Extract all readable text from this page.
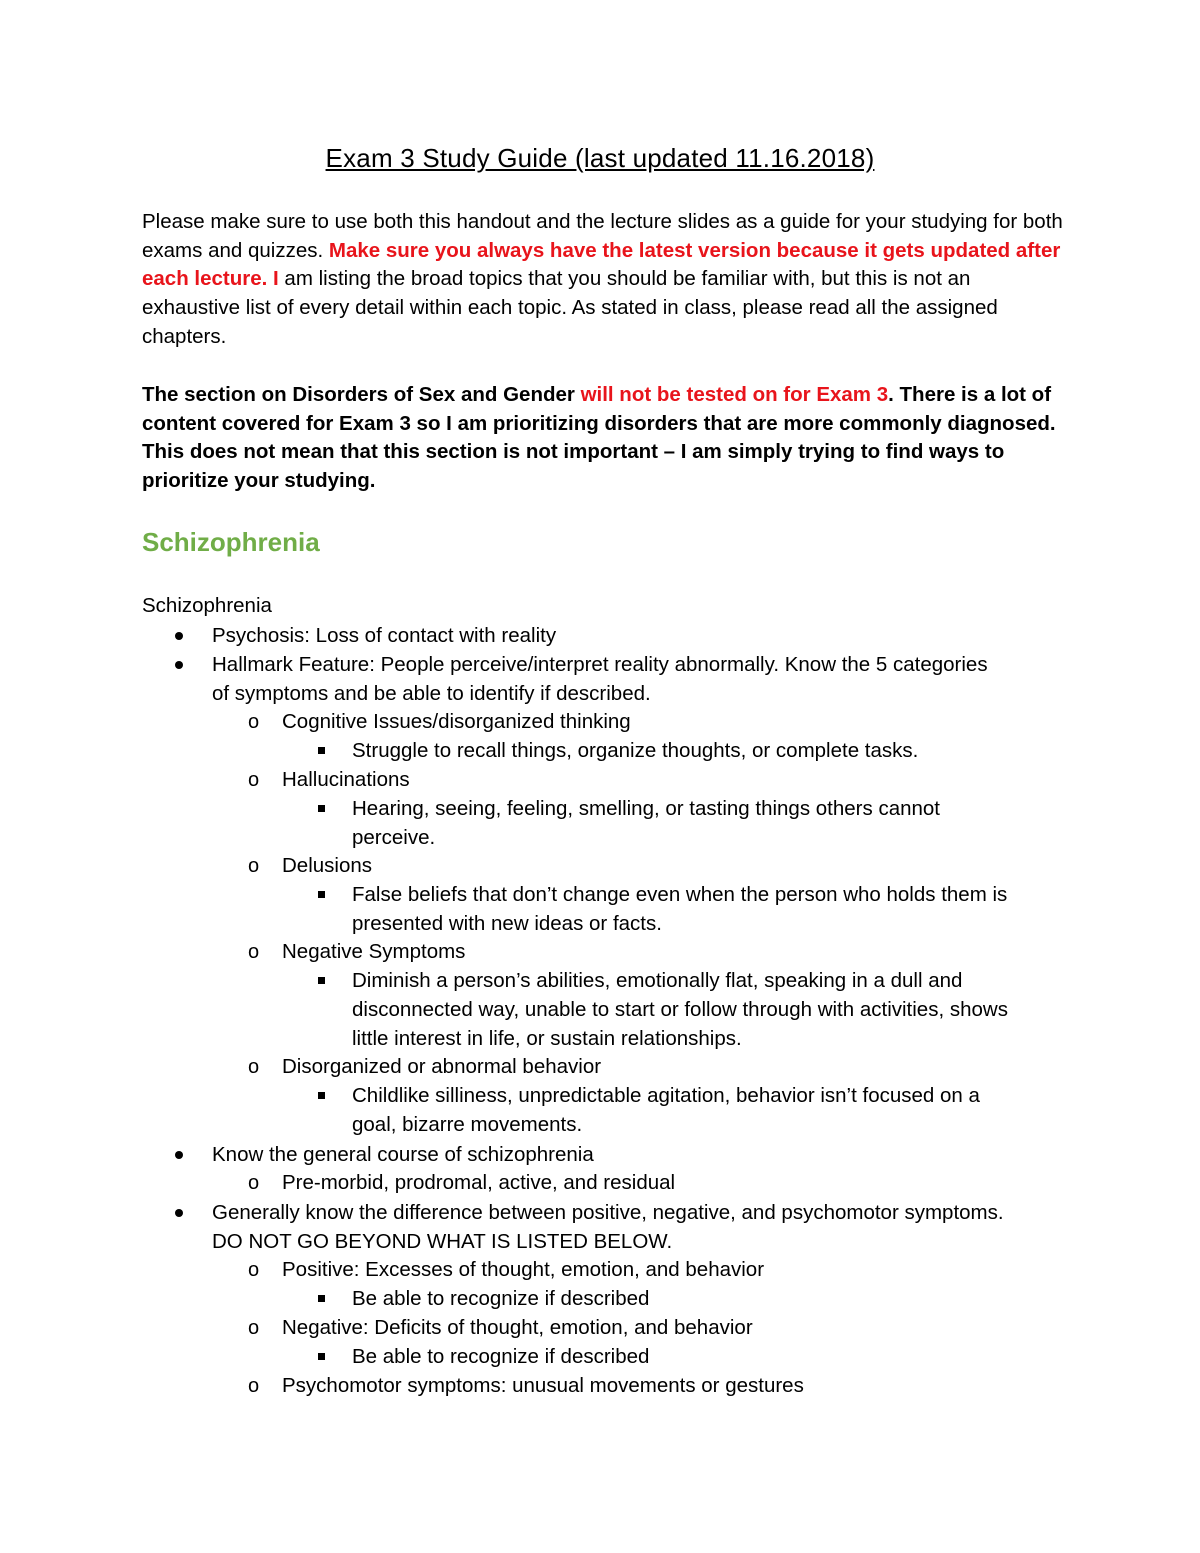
Exam 3 Study Guide (last updated 11.16.2018)
Please make sure to use both this handout and the lecture slides as a guide for your studying for both exams and quizzes. Make sure you always have the latest version because it gets updated after each lecture. I am listing the broad topics that you should be familiar with, but this is not an exhaustive list of every detail within each topic. As stated in class, please read all the assigned chapters.
The section on Disorders of Sex and Gender will not be tested on for Exam 3. There is a lot of content covered for Exam 3 so I am prioritizing disorders that are more commonly diagnosed. This does not mean that this section is not important – I am simply trying to find ways to prioritize your studying.
Schizophrenia
Schizophrenia
Psychosis: Loss of contact with reality
Hallmark Feature: People perceive/interpret reality abnormally. Know the 5 categories
of symptoms and be able to identify if described.
o Cognitive Issues/disorganized thinking
Struggle to recall things, organize thoughts, or complete tasks.
o Hallucinations
Hearing, seeing, feeling, smelling, or tasting things others cannot
perceive.
o Delusions
False beliefs that don’t change even when the person who holds them is
presented with new ideas or facts.
o Negative Symptoms
Diminish a person’s abilities, emotionally flat, speaking in a dull and
disconnected way, unable to start or follow through with activities, shows
little interest in life, or sustain relationships.
o Disorganized or abnormal behavior
Childlike silliness, unpredictable agitation, behavior isn’t focused on a
goal, bizarre movements.
Know the general course of schizophrenia
o Pre-morbid, prodromal, active, and residual
Generally know the difference between positive, negative, and psychomotor symptoms.
DO NOT GO BEYOND WHAT IS LISTED BELOW.
o Positive: Excesses of thought, emotion, and behavior
Be able to recognize if described
o Negative: Deficits of thought, emotion, and behavior
Be able to recognize if described
o Psychomotor symptoms: unusual movements or gestures
